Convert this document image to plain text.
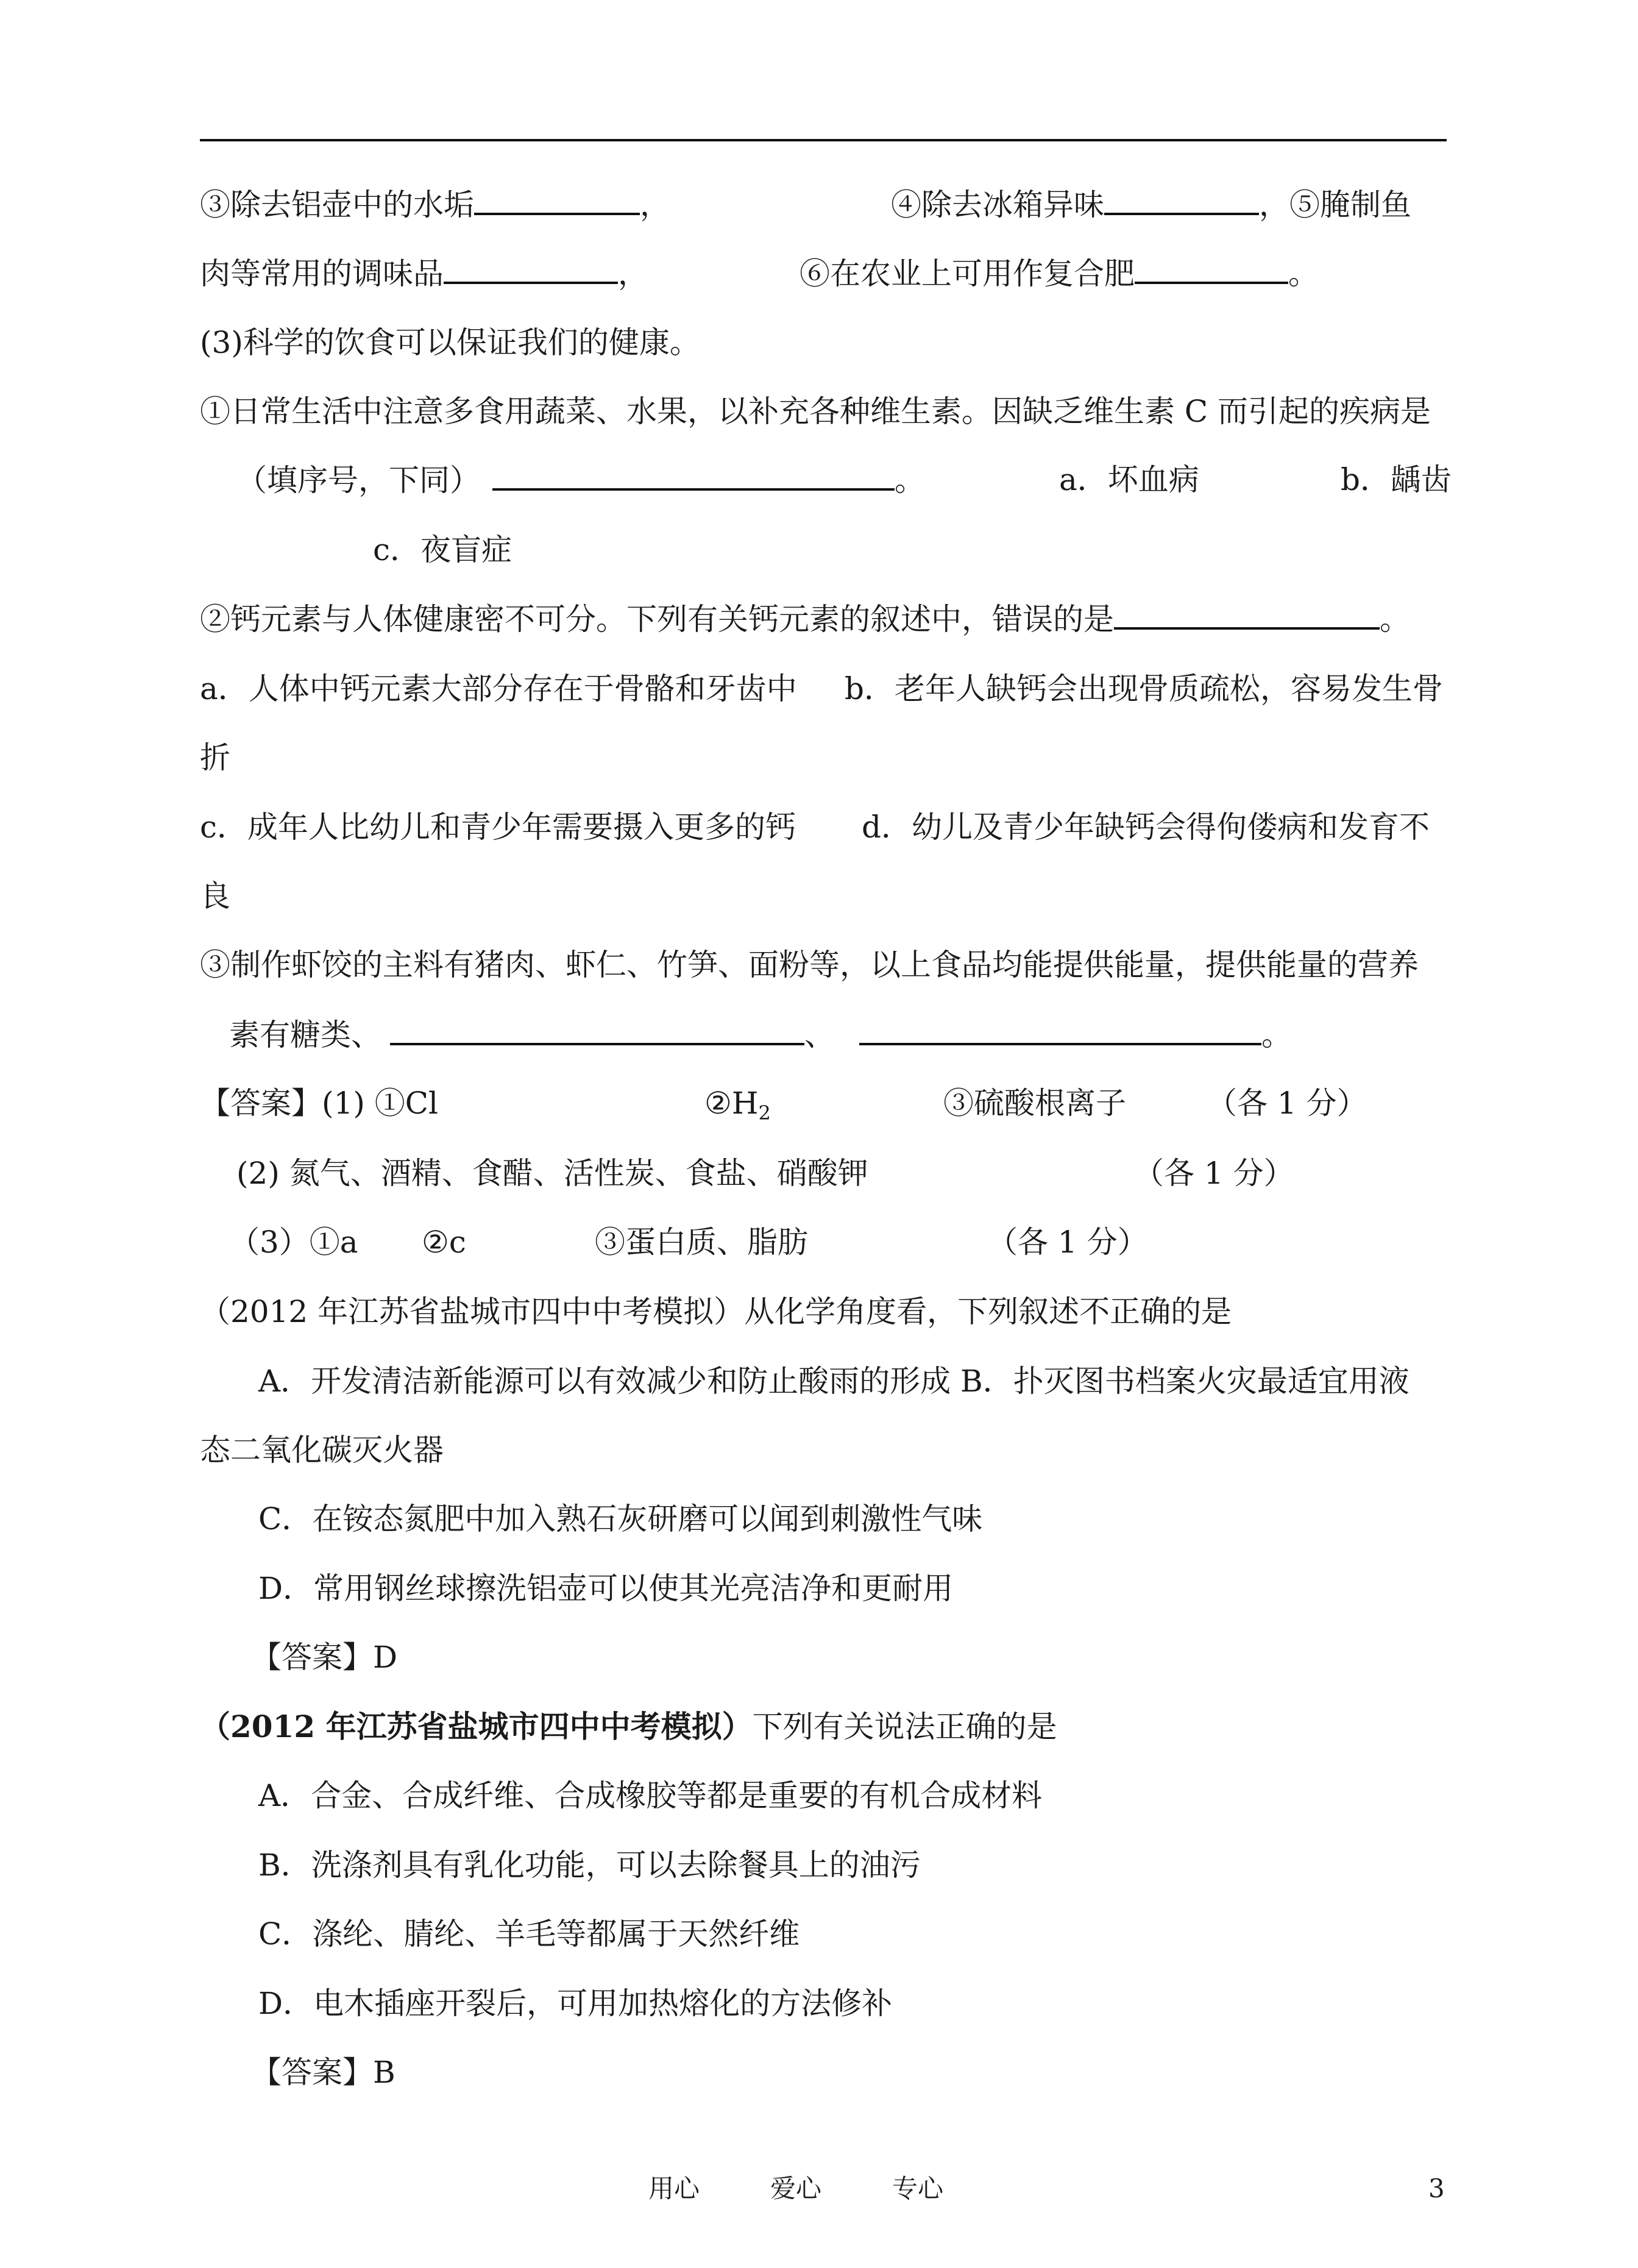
③除去铝壶中的水垢	，	④除去冰箱异味	，⑤腌制鱼
肉等常用的调味品	，	⑥在农业上可用作复合肥	。
(3)科学的饮食可以保证我们的健康。
①日常生活中注意多食用蔬菜、水果，以补充各种维生素。因缺乏维生素 C 而引起的疾病是
（填序号，下同）	。	a．坏血病	b．龋齿
c．夜盲症
②钙元素与人体健康密不可分。下列有关钙元素的叙述中，错误的是	。
a．人体中钙元素大部分存在于骨骼和牙齿中 b．老年人缺钙会出现骨质疏松，容易发生骨
折
c．成年人比幼儿和青少年需要摄入更多的钙 d．幼儿及青少年缺钙会得佝偻病和发育不
良
③制作虾饺的主料有猪肉、虾仁、竹笋、面粉等，以上食品均能提供能量，提供能量的营养
素有糖类、	、	。
【答案】(1) ①Cl	$②H_2$	③硫酸根离子	（各 1 分）
(2) 氮气、酒精、食醋、活性炭、食盐、硝酸钾	（各 1 分）
（3）①a ②c	③蛋白质、脂肪	（各 1 分）
（2012 年江苏省盐城市四中中考模拟）从化学角度看，下列叙述不正确的是
A．开发清洁新能源可以有效减少和防止酸雨的形成 B．扑灭图书档案火灾最适宜用液
态二氧化碳灭火器
C．在铵态氮肥中加入熟石灰研磨可以闻到刺激性气味
D．常用钢丝球擦洗铝壶可以使其光亮洁净和更耐用
【答案】D
（2012 年江苏省盐城市四中中考模拟）下列有关说法正确的是
A．合金、合成纤维、合成橡胶等都是重要的有机合成材料
B．洗涤剂具有乳化功能，可以去除餐具上的油污
C．涤纶、腈纶、羊毛等都属于天然纤维
D．电木插座开裂后，可用加热熔化的方法修补
【答案】B
用心	爱心	专心	3
